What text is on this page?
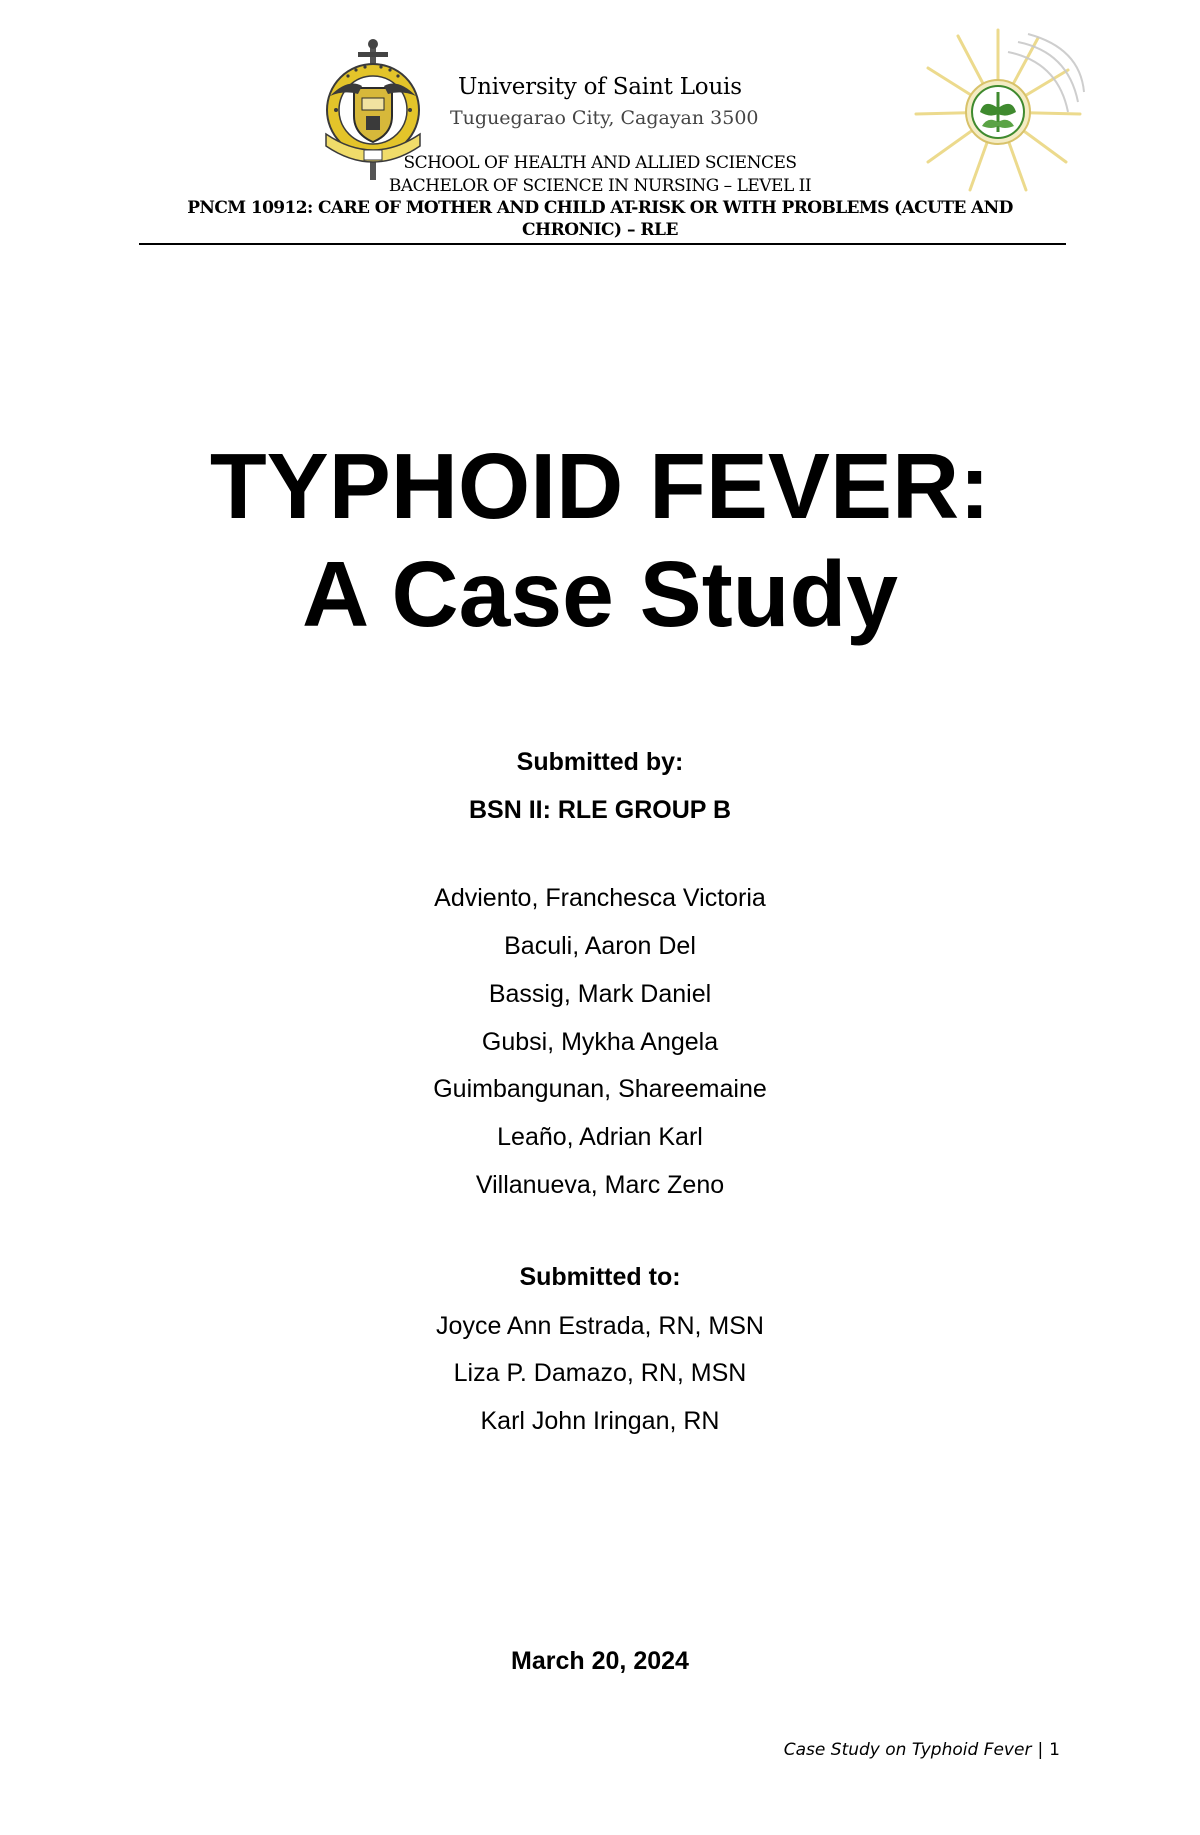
University of Saint Louis
Tuguegarao City, Cagayan 3500
SCHOOL OF HEALTH AND ALLIED SCIENCES
BACHELOR OF SCIENCE IN NURSING – LEVEL II
PNCM 10912: CARE OF MOTHER AND CHILD AT-RISK OR WITH PROBLEMS (ACUTE AND
CHRONIC) – RLE
TYPHOID FEVER:
A Case Study
Submitted by:
BSN II: RLE GROUP B
Adviento, Franchesca Victoria
Baculi, Aaron Del
Bassig, Mark Daniel
Gubsi, Mykha Angela
Guimbangunan, Shareemaine
Leaño, Adrian Karl
Villanueva, Marc Zeno
Submitted to:
Joyce Ann Estrada, RN, MSN
Liza P. Damazo, RN, MSN
Karl John Iringan, RN
March 20, 2024
Case Study on Typhoid Fever | 1
